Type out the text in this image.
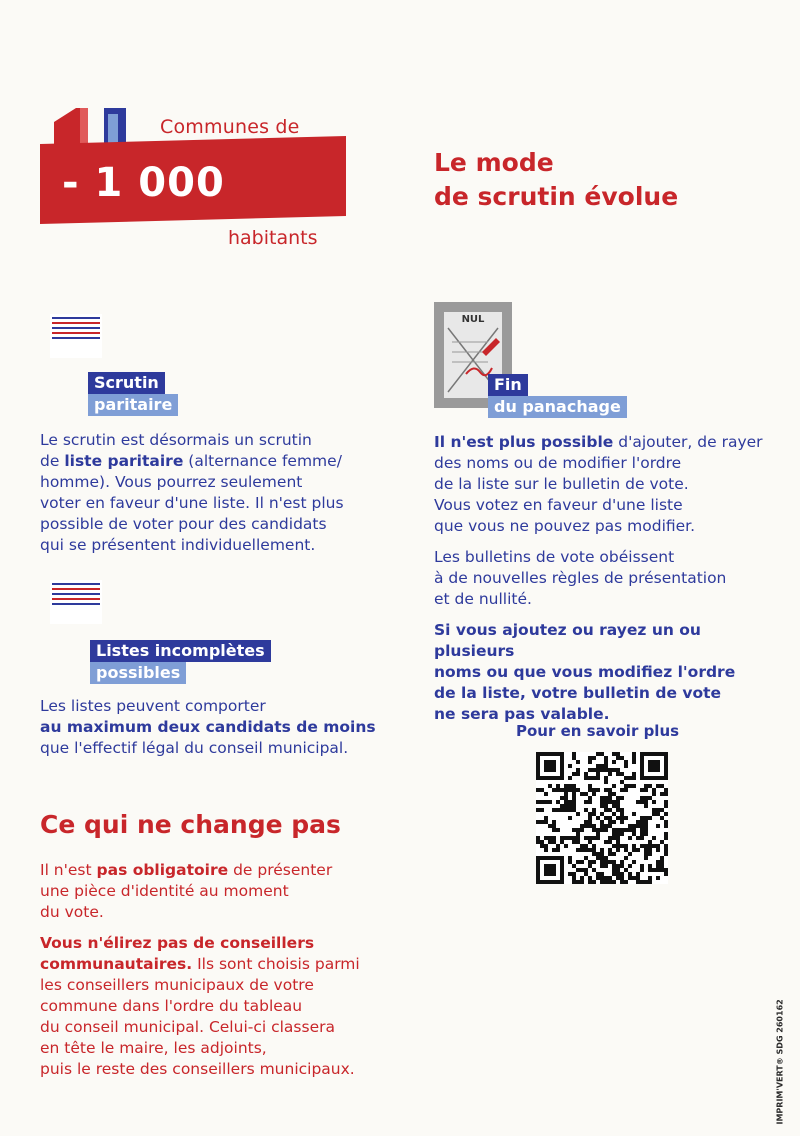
Communes de
- 1 000
habitants
Le mode
de scrutin évolue
Scrutin
paritaire
Le scrutin est désormais un scrutin
de liste paritaire (alternance femme/
homme). Vous pourrez seulement
voter en faveur d'une liste. Il n'est plus
possible de voter pour des candidats
qui se présentent individuellement.
Listes incomplètes
possibles
Les listes peuvent comporter
au maximum deux candidats de moins
que l'effectif légal du conseil municipal.
NUL
Fin
du panachage
Il n'est plus possible d'ajouter, de rayer
des noms ou de modifier l'ordre
de la liste sur le bulletin de vote.
Vous votez en faveur d'une liste
que vous ne pouvez pas modifier.
Les bulletins de vote obéissent
à de nouvelles règles de présentation
et de nullité.
Si vous ajoutez ou rayez un ou plusieurs
noms ou que vous modifiez l'ordre
de la liste, votre bulletin de vote
ne sera pas valable.
Pour en savoir plus
Ce qui ne change pas
Il n'est pas obligatoire de présenter
une pièce d'identité au moment
du vote.
Vous n'élirez pas de conseillers
communautaires. Ils sont choisis parmi
les conseillers municipaux de votre
commune dans l'ordre du tableau
du conseil municipal. Celui-ci classera
en tête le maire, les adjoints,
puis le reste des conseillers municipaux.	IMPRIM'VERT® SDG 260162
